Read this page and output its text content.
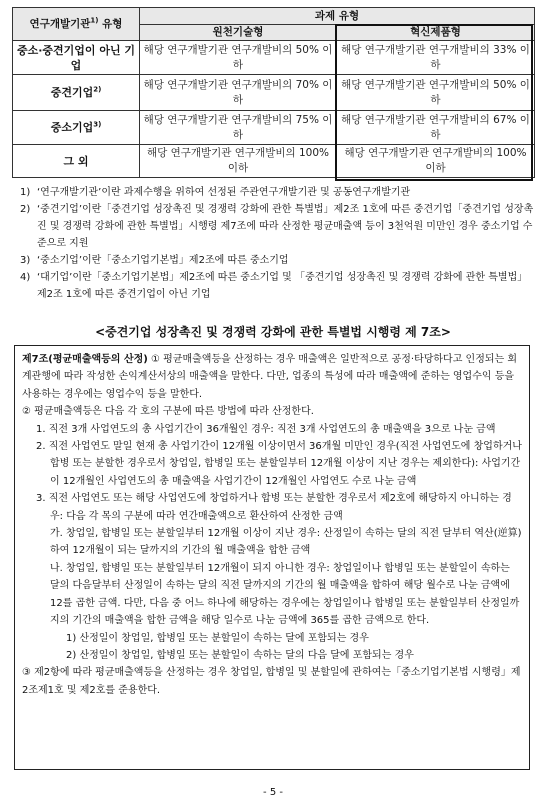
연구개발기관$^{1)}$ 유형	과제 유형	
	원천기술형	혁신제품형
중소·중견기업이 아닌 기업	해당 연구개발기관 연구개발비의 50% 이하	해당 연구개발기관 연구개발비의 33% 이하
중견기업$^{2)}$	해당 연구개발기관 연구개발비의 70% 이하	해당 연구개발기관 연구개발비의 50% 이하
중소기업$^{3)}$	해당 연구개발기관 연구개발비의 75% 이하	해당 연구개발기관 연구개발비의 67% 이하
그 외	해당 연구개발기관 연구개발비의 100% 이하	해당 연구개발기관 연구개발비의 100% 이하
1) ‘연구개발기관’이란 과제수행을 위하여 선정된 주관연구개발기관 및 공동연구개발기관
2) ‘중견기업’이란「중견기업 성장촉진 및 경쟁력 강화에 관한 특별법」제2조 1호에 따른 중견기업「중견기업 성장촉진 및 경쟁력 강화에 관한 특별법」시행령 제7조에 따라 산정한 평균매출액 등이 3천억원 미만인 경우 중소기업 수준으로 지원
3) ‘중소기업’이란「중소기업기본법」제2조에 따른 중소기업
4) ‘대기업’이란「중소기업기본법」제2조에 따른 중소기업 및 「중견기업 성장촉진 및 경쟁력 강화에 관한 특별법」제2조 1호에 따른 중견기업이 아닌 기업
<중견기업 성장촉진 및 경쟁력 강화에 관한 특별법 시행령 제 7조>

제7조(평균매출액등의 산정) ① 평균매출액등을 산정하는 경우 매출액은 일반적으로 공정·타당하다고 인정되는 회계관행에 따라 작성한 손익계산서상의 매출액을 말한다. 다만, 업종의 특성에 따라 매출액에 준하는 영업수익 등을 사용하는 경우에는 영업수익 등을 말한다.

② 평균매출액등은 다음 각 호의 구분에 따른 방법에 따라 산정한다.

1. 직전 3개 사업연도의 총 사업기간이 36개월인 경우: 직전 3개 사업연도의 총 매출액을 3으로 나눈 금액

2. 직전 사업연도 말일 현재 총 사업기간이 12개월 이상이면서 36개월 미만인 경우(직전 사업연도에 창업하거나 합병 또는 분할한 경우로서 창업일, 합병일 또는 분할일부터 12개월 이상이 지난 경우는 제외한다): 사업기간이 12개월인 사업연도의 총 매출액을 사업기간이 12개월인 사업연도 수로 나눈 금액

3. 직전 사업연도 또는 해당 사업연도에 창업하거나 합병 또는 분할한 경우로서 제2호에 해당하지 아니하는 경우: 다음 각 목의 구분에 따라 연간매출액으로 환산하여 산정한 금액

가. 창업일, 합병일 또는 분할일부터 12개월 이상이 지난 경우: 산정일이 속하는 달의 직전 달부터 역산(逆算)하여 12개월이 되는 달까지의 기간의 월 매출액을 합한 금액

나. 창업일, 합병일 또는 분할일부터 12개월이 되지 아니한 경우: 창업일이나 합병일 또는 분할일이 속하는 달의 다음달부터 산정일이 속하는 달의 직전 달까지의 기간의 월 매출액을 합하여 해당 월수로 나눈 금액에 12를 곱한 금액. 다만, 다음 중 어느 하나에 해당하는 경우에는 창업일이나 합병일 또는 분할일부터 산정일까지의 기간의 매출액을 합한 금액을 해당 일수로 나눈 금액에 365를 곱한 금액으로 한다.

1) 산정일이 창업일, 합병일 또는 분할일이 속하는 달에 포함되는 경우

2) 산정일이 창업일, 합병일 또는 분할일이 속하는 달의 다음 달에 포함되는 경우

③ 제2항에 따라 평균매출액등을 산정하는 경우 창업일, 합병일 및 분할일에 관하여는「중소기업기본법 시행령」제2조제1호 및 제2호를 준용한다.

- 5 -
